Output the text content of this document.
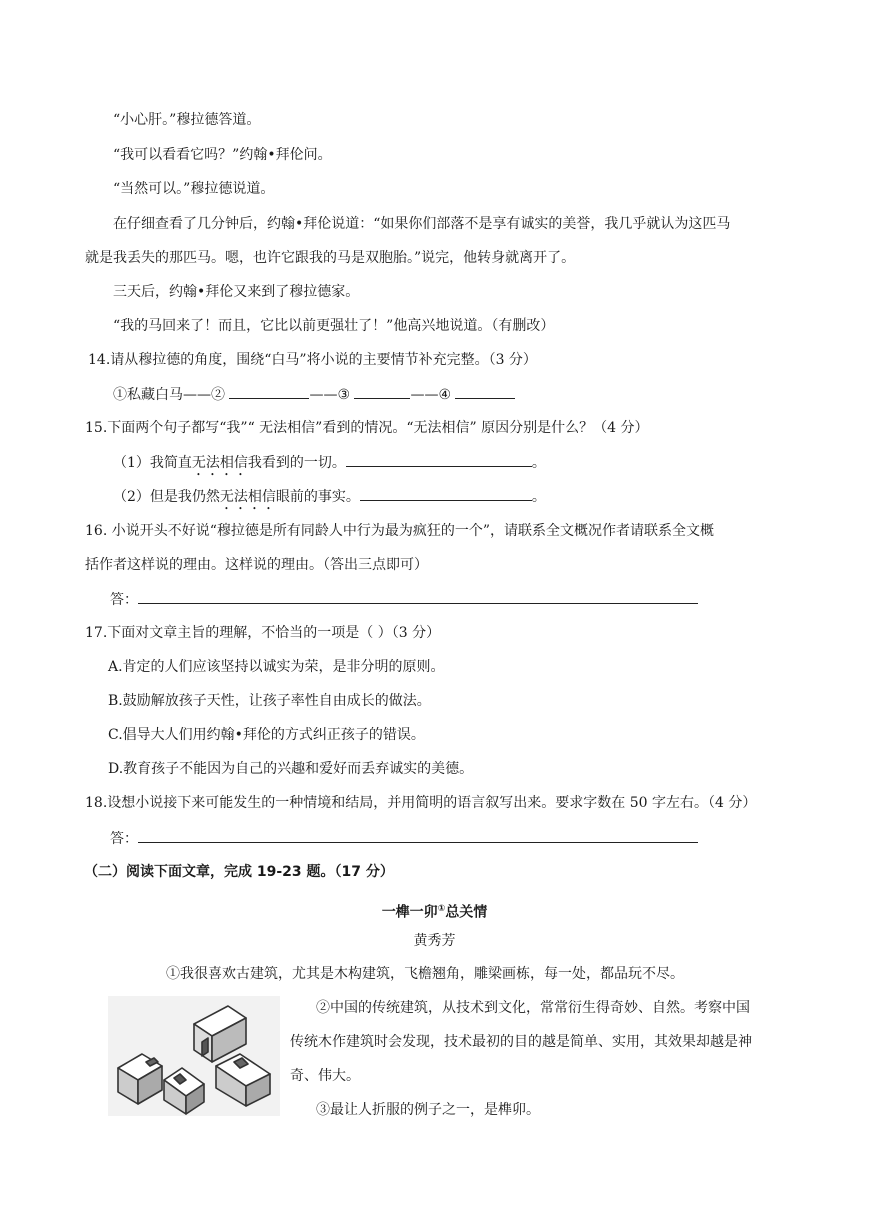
“小心肝。”穆拉德答道。
“我可以看看它吗？”约翰•拜伦问。
“当然可以。”穆拉德说道。
在仔细查看了几分钟后，约翰•拜伦说道：“如果你们部落不是享有诚实的美誉，我几乎就认为这匹马
就是我丢失的那匹马。嗯，也许它跟我的马是双胞胎。”说完，他转身就离开了。
三天后，约翰•拜伦又来到了穆拉德家。
“我的马回来了！而且，它比以前更强壮了！”他高兴地说道。（有删改）
14.请从穆拉德的角度，围绕“白马”将小说的主要情节补充完整。（3 分）
①私藏白马——②	——③	——④
15.下面两个句子都写“我”“ 无法相信”看到的情况。“无法相信” 原因分别是什么？（4 分）
（1）我简直无法相信我看到的一切。	。
（2）但是我仍然无法相信眼前的事实。	。
16. 小说开头不好说“穆拉德是所有同龄人中行为最为疯狂的一个”，请联系全文概况作者请联系全文概
括作者这样说的理由。这样说的理由。（答出三点即可）
答：
17.下面对文章主旨的理解，不恰当的一项是（ ）（3 分）
A.肯定的人们应该坚持以诚实为荣，是非分明的原则。
B.鼓励解放孩子天性，让孩子率性自由成长的做法。
C.倡导大人们用约翰•拜伦的方式纠正孩子的错误。
D.教育孩子不能因为自己的兴趣和爱好而丢弃诚实的美德。
18.设想小说接下来可能发生的一种情境和结局，并用简明的语言叙写出来。要求字数在 50 字左右。（4 分）
答：
（二）阅读下面文章，完成 19-23 题。（17 分）
一榫一卯①总关情
黄秀芳
①我很喜欢古建筑，尤其是木构建筑，飞檐翘角，雕梁画栋，每一处，都品玩不尽。
②中国的传统建筑，从技术到文化，常常衍生得奇妙、自然。考察中国
传统木作建筑时会发现，技术最初的目的越是简单、实用，其效果却越是神
奇、伟大。
③最让人折服的例子之一，是榫卯。
